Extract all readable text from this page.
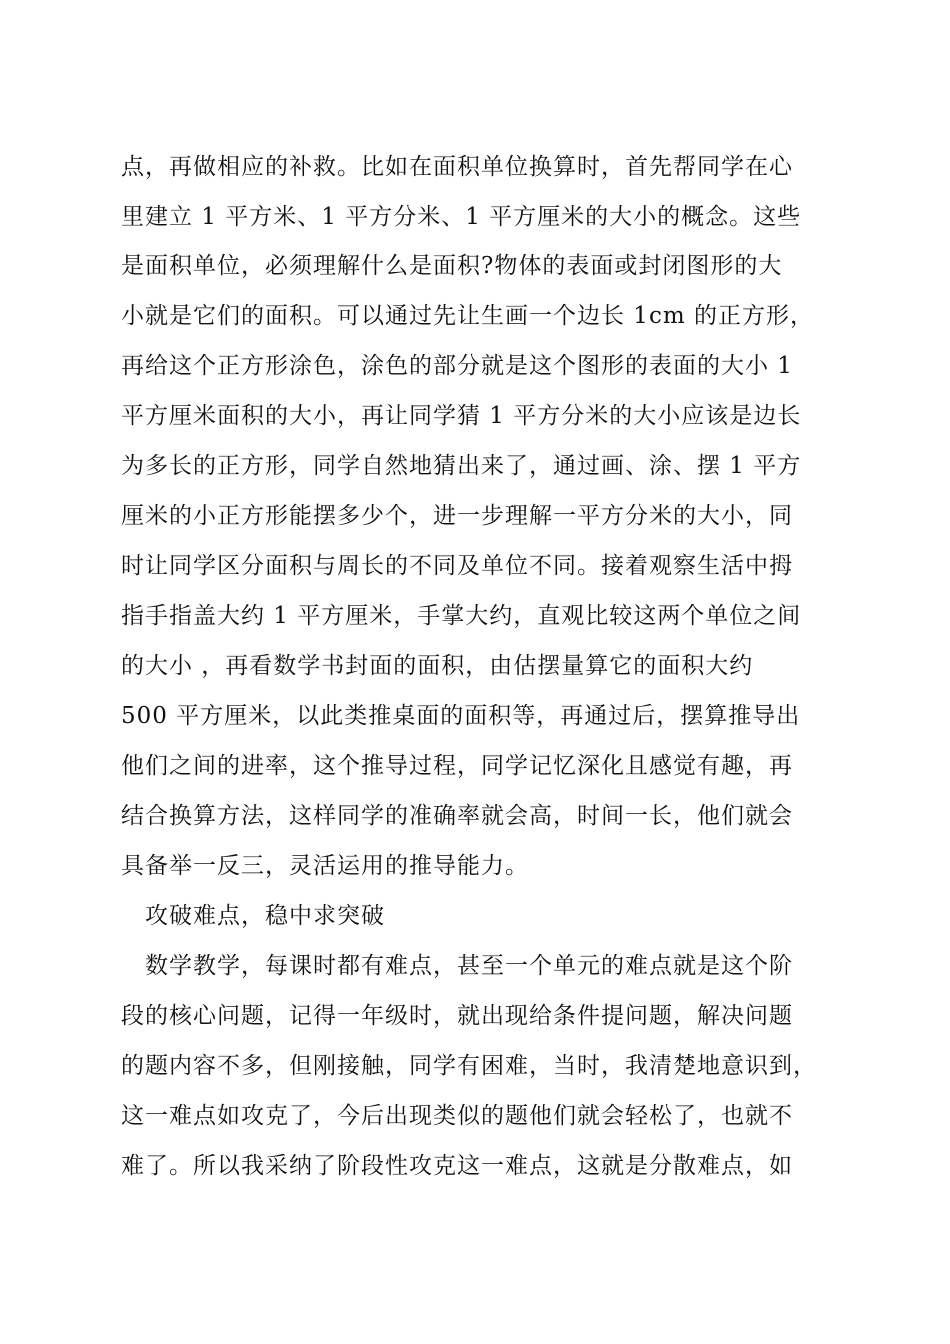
点，再做相应的补救。比如在面积单位换算时，首先帮同学在心
里建立 1 平方米、1 平方分米、1 平方厘米的大小的概念。这些
是面积单位，必须理解什么是面积?物体的表面或封闭图形的大
小就是它们的面积。可以通过先让生画一个边长 1cm 的正方形，
再给这个正方形涂色，涂色的部分就是这个图形的表面的大小 1
平方厘米面积的大小，再让同学猜 1 平方分米的大小应该是边长
为多长的正方形，同学自然地猜出来了，通过画、涂、摆 1 平方
厘米的小正方形能摆多少个，进一步理解一平方分米的大小，同
时让同学区分面积与周长的不同及单位不同。接着观察生活中拇
指手指盖大约 1 平方厘米，手掌大约，直观比较这两个单位之间
的大小 ，再看数学书封面的面积，由估摆量算它的面积大约
500 平方厘米，以此类推桌面的面积等，再通过后，摆算推导出
他们之间的进率，这个推导过程，同学记忆深化且感觉有趣，再
结合换算方法，这样同学的准确率就会高，时间一长，他们就会
具备举一反三，灵活运用的推导能力。
　攻破难点，稳中求突破
　数学教学，每课时都有难点，甚至一个单元的难点就是这个阶
段的核心问题，记得一年级时，就出现给条件提问题，解决问题
的题内容不多，但刚接触，同学有困难，当时，我清楚地意识到，
这一难点如攻克了，今后出现类似的题他们就会轻松了，也就不
难了。所以我采纳了阶段性攻克这一难点，这就是分散难点，如
